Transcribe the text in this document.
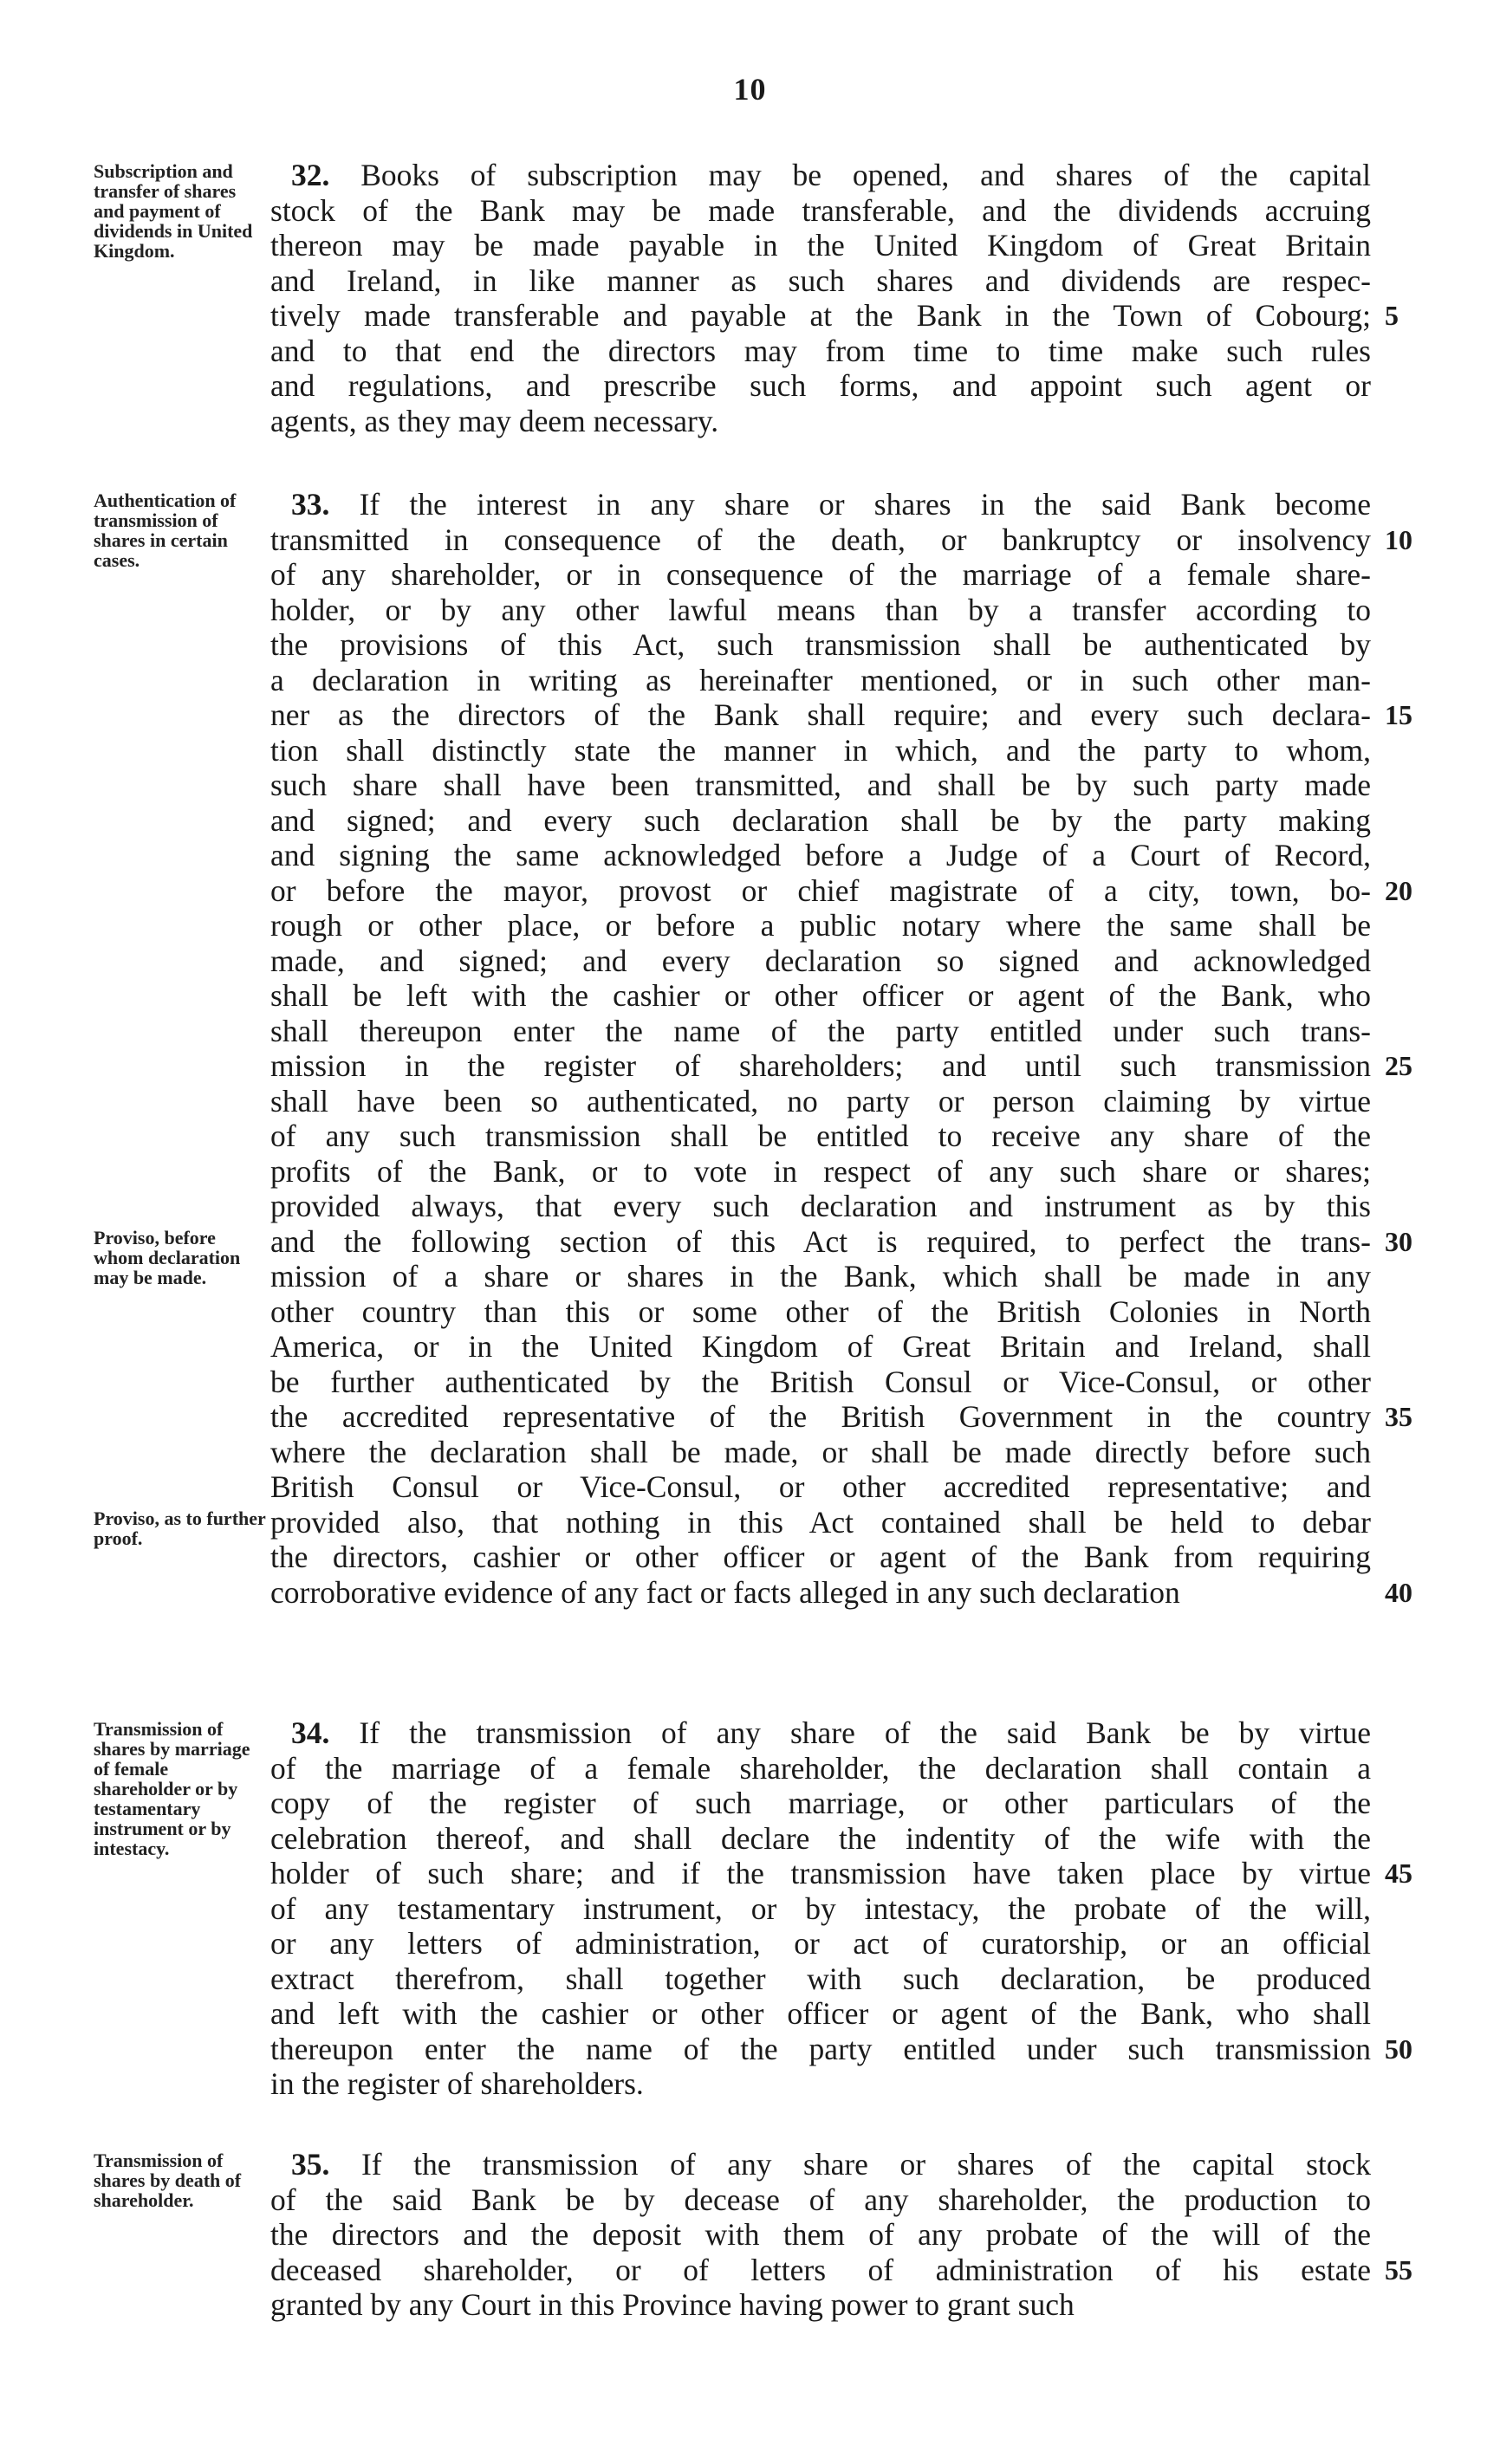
10
Subscription and transfer of shares and payment of dividends in United Kingdom.
32. Books of subscription may be opened, and shares of the capital
stock of the Bank may be made transferable, and the dividends accruing
thereon may be made payable in the United Kingdom of Great Britain
and Ireland, in like manner as such shares and dividends are respec-
tively made transferable and payable at the Bank in the Town of Cobourg;
and to that end the directors may from time to time make such rules
and regulations, and prescribe such forms, and appoint such agent or
agents, as they may deem necessary.
Authentication of transmission of shares in certain cases.
33. If the interest in any share or shares in the said Bank become
transmitted in consequence of the death, or bankruptcy or insolvency
of any shareholder, or in consequence of the marriage of a female share-
holder, or by any other lawful means than by a transfer according to
the provisions of this Act, such transmission shall be authenticated by
a declaration in writing as hereinafter mentioned, or in such other man-
ner as the directors of the Bank shall require; and every such declara-
tion shall distinctly state the manner in which, and the party to whom,
such share shall have been transmitted, and shall be by such party made
and signed; and every such declaration shall be by the party making
and signing the same acknowledged before a Judge of a Court of Record,
or before the mayor, provost or chief magistrate of a city, town, bo-
rough or other place, or before a public notary where the same shall be
made, and signed; and every declaration so signed and acknowledged
shall be left with the cashier or other officer or agent of the Bank, who
shall thereupon enter the name of the party entitled under such trans-
mission in the register of shareholders; and until such transmission
shall have been so authenticated, no party or person claiming by virtue
of any such transmission shall be entitled to receive any share of the
profits of the Bank, or to vote in respect of any such share or shares;
provided always, that every such declaration and instrument as by this
and the following section of this Act is required, to perfect the trans-
mission of a share or shares in the Bank, which shall be made in any
other country than this or some other of the British Colonies in North
America, or in the United Kingdom of Great Britain and Ireland, shall
be further authenticated by the British Consul or Vice-Consul, or other
the accredited representative of the British Government in the country
where the declaration shall be made, or shall be made directly before such
British Consul or Vice-Consul, or other accredited representative; and
provided also, that nothing in this Act contained shall be held to debar
the directors, cashier or other officer or agent of the Bank from requiring
corroborative evidence of any fact or facts alleged in any such declaration
Proviso, before whom declaration may be made.
Proviso, as to further proof.
Transmission of shares by marriage of female shareholder or by testamentary instrument or by intestacy.
34. If the transmission of any share of the said Bank be by virtue
of the marriage of a female shareholder, the declaration shall contain a
copy of the register of such marriage, or other particulars of the
celebration thereof, and shall declare the indentity of the wife with the
holder of such share; and if the transmission have taken place by virtue
of any testamentary instrument, or by intestacy, the probate of the will,
or any letters of administration, or act of curatorship, or an official
extract therefrom, shall together with such declaration, be produced
and left with the cashier or other officer or agent of the Bank, who shall
thereupon enter the name of the party entitled under such transmission
in the register of shareholders.
Transmission of shares by death of shareholder.
35. If the transmission of any share or shares of the capital stock
of the said Bank be by decease of any shareholder, the production to
the directors and the deposit with them of any probate of the will of the
deceased shareholder, or of letters of administration of his estate
granted by any Court in this Province having power to grant such
5
10
15
20
25
30
35
40
45
50
55
